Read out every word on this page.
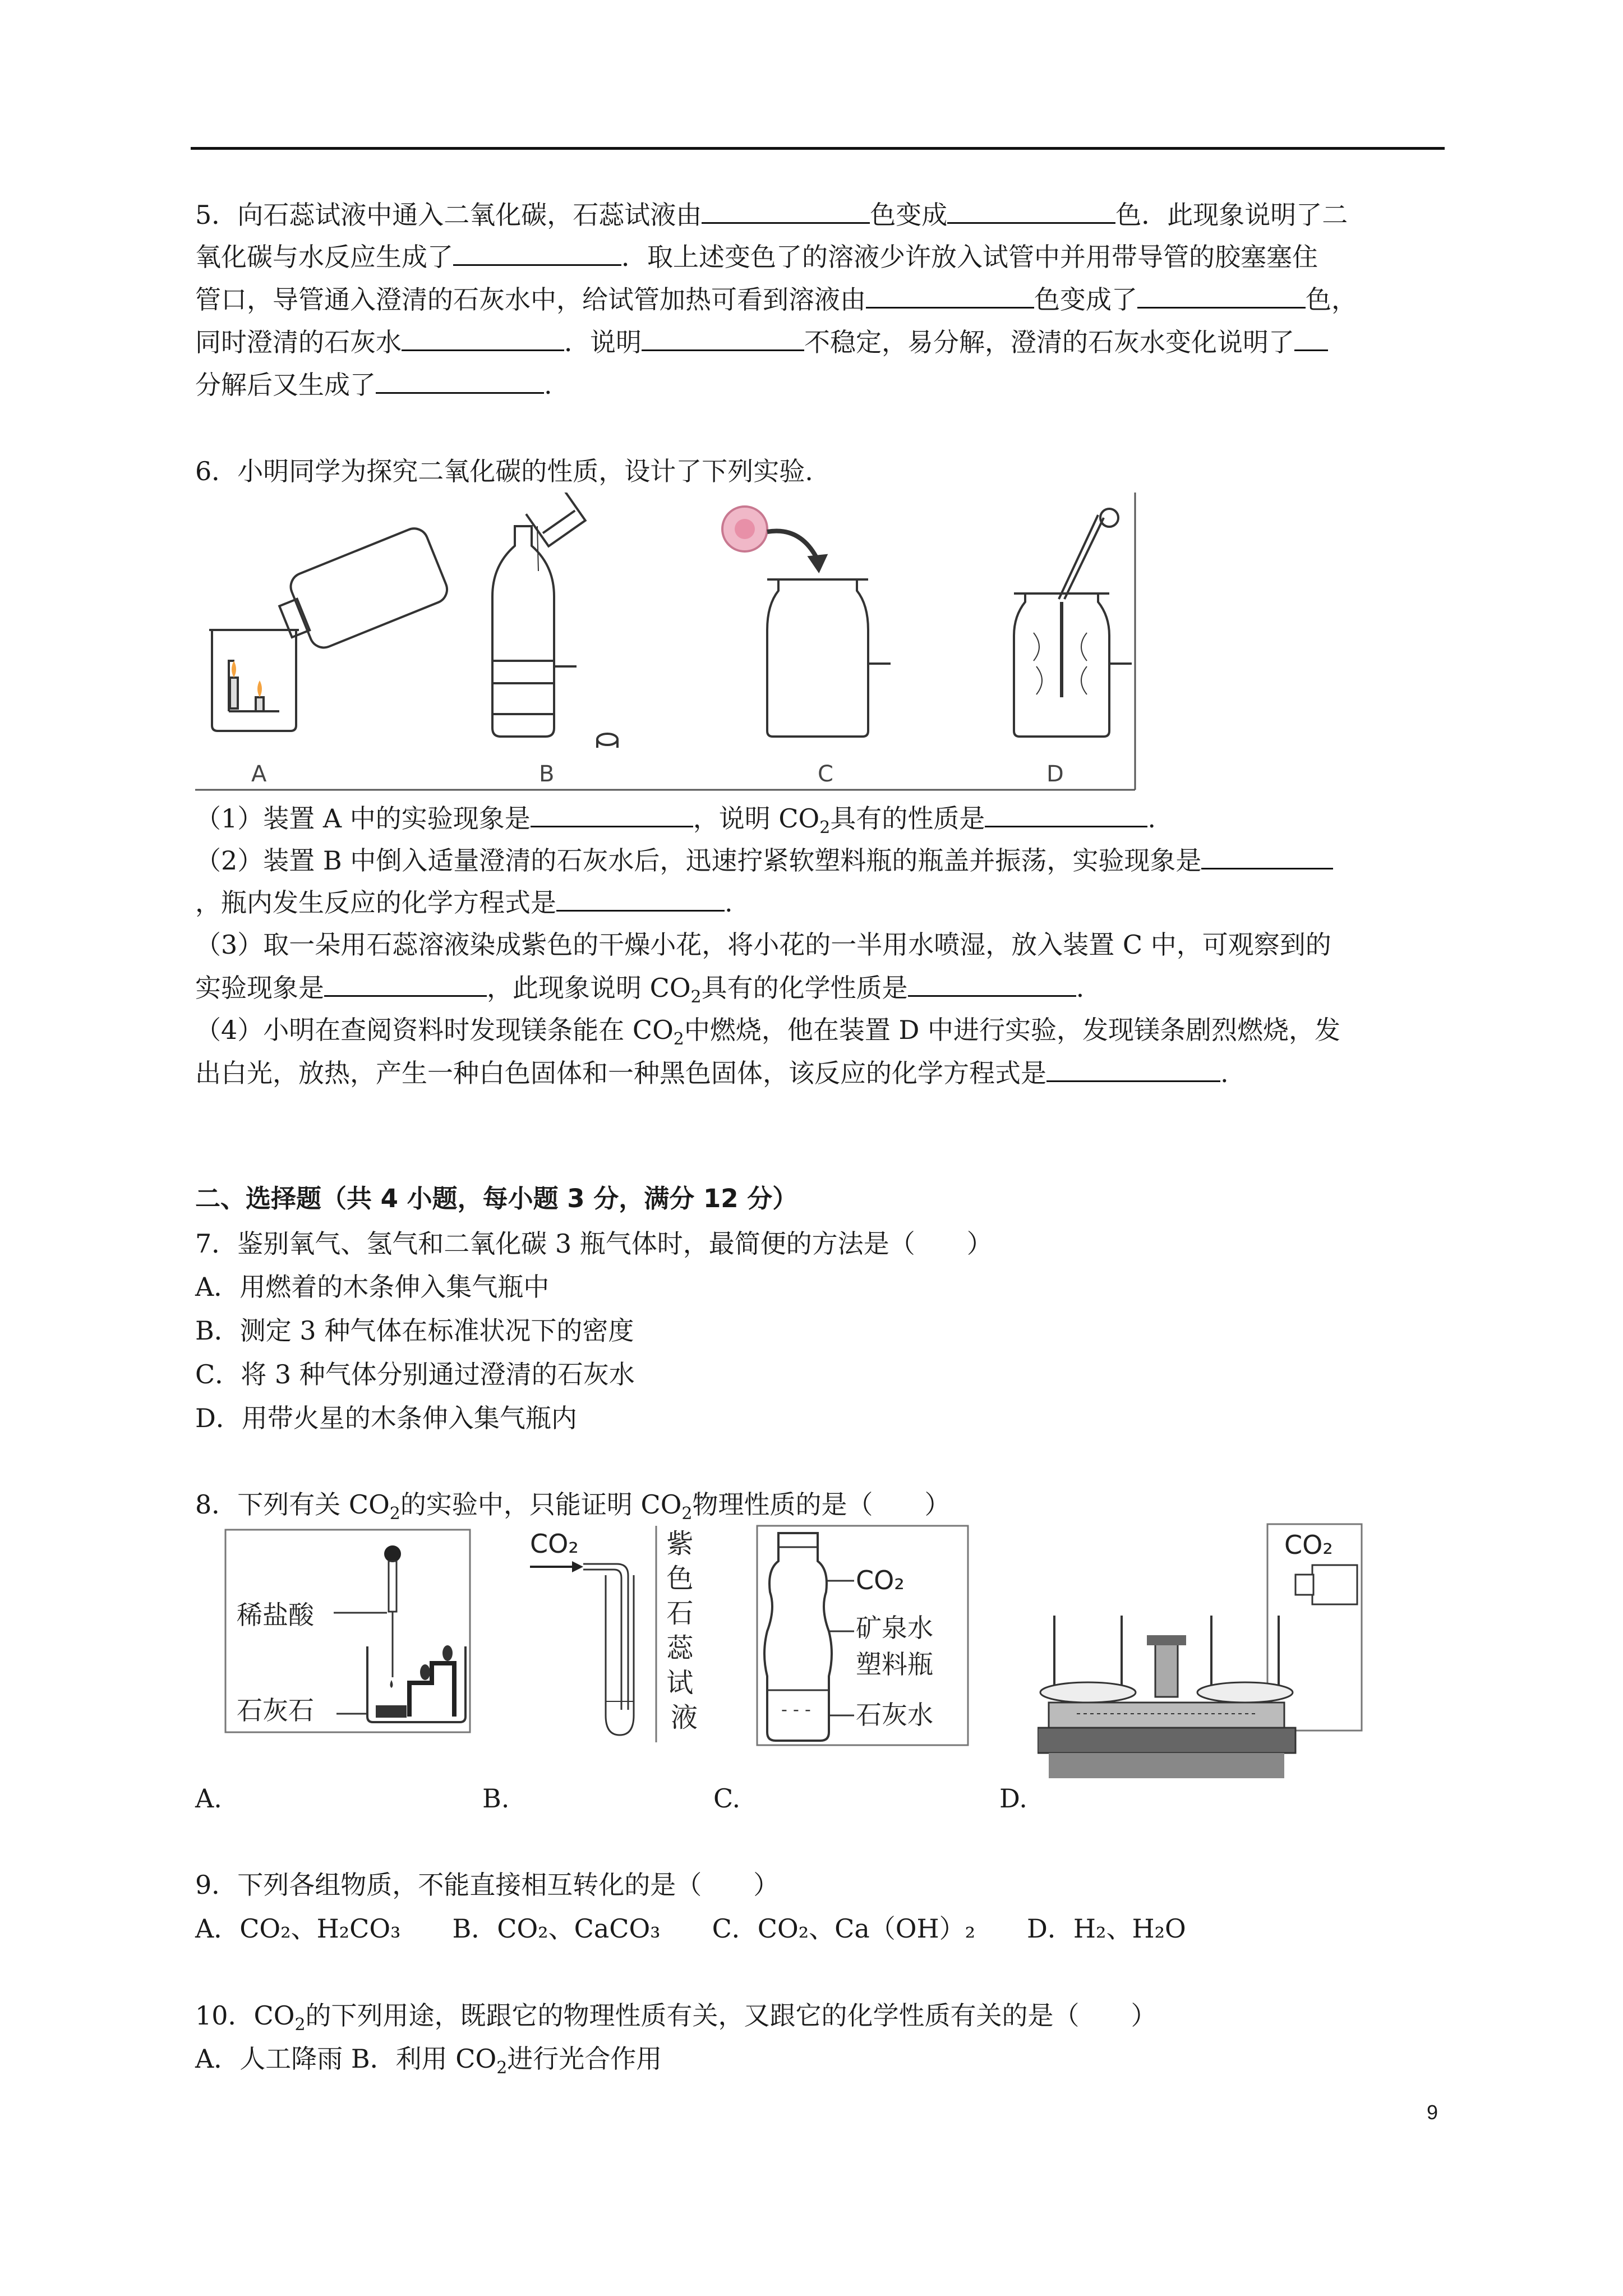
5．向石蕊试液中通入二氧化碳，石蕊试液由	色变成	色．此现象说明了二
氧化碳与水反应生成了	．取上述变色了的溶液少许放入试管中并用带导管的胶塞塞住
管口，导管通入澄清的石灰水中，给试管加热可看到溶液由	色变成了	色，
同时澄清的石灰水	．说明	不稳定，易分解，澄清的石灰水变化说明了
分解后又生成了	.
6．小明同学为探究二氧化碳的性质，设计了下列实验.
A	B	C	D
（1）装置 A 中的实验现象是	，说明 $CO_2$具有的性质是	.
（2）装置 B 中倒入适量澄清的石灰水后，迅速拧紧软塑料瓶的瓶盖并振荡，实验现象是
，瓶内发生反应的化学方程式是	.
（3）取一朵用石蕊溶液染成紫色的干燥小花，将小花的一半用水喷湿，放入装置 C 中，可观察到的
实验现象是	，此现象说明 $CO_2$具有的化学性质是	.
（4）小明在查阅资料时发现镁条能在 $CO_2$中燃烧，他在装置 D 中进行实验，发现镁条剧烈燃烧，发
出白光，放热，产生一种白色固体和一种黑色固体，该反应的化学方程式是	.
二、选择题（共 4 小题，每小题 3 分，满分 12 分）
7．鉴别氧气、氢气和二氧化碳 3 瓶气体时，最简便的方法是（　　）
A．用燃着的木条伸入集气瓶中
B．测定 3 种气体在标准状况下的密度
C．将 3 种气体分别通过澄清的石灰水
D．用带火星的木条伸入集气瓶内
8．下列有关 $CO_2$的实验中，只能证明 $CO_2$物理性质的是（　　）
稀盐酸
石灰石
CO₂	紫 色 石 蕊 试 液	- - -
CO₂
矿泉水
塑料瓶
石灰水
CO₂
A.	B.	C.	D.
9．下列各组物质，不能直接相互转化的是（　　）
A．CO₂、H₂CO₃　　B．CO₂、CaCO₃　　C．CO₂、Ca（OH）₂　　D．H₂、H₂O
10．$CO_2$的下列用途，既跟它的物理性质有关，又跟它的化学性质有关的是（　　）
A．人工降雨 B．利用 $CO_2$进行光合作用
9
